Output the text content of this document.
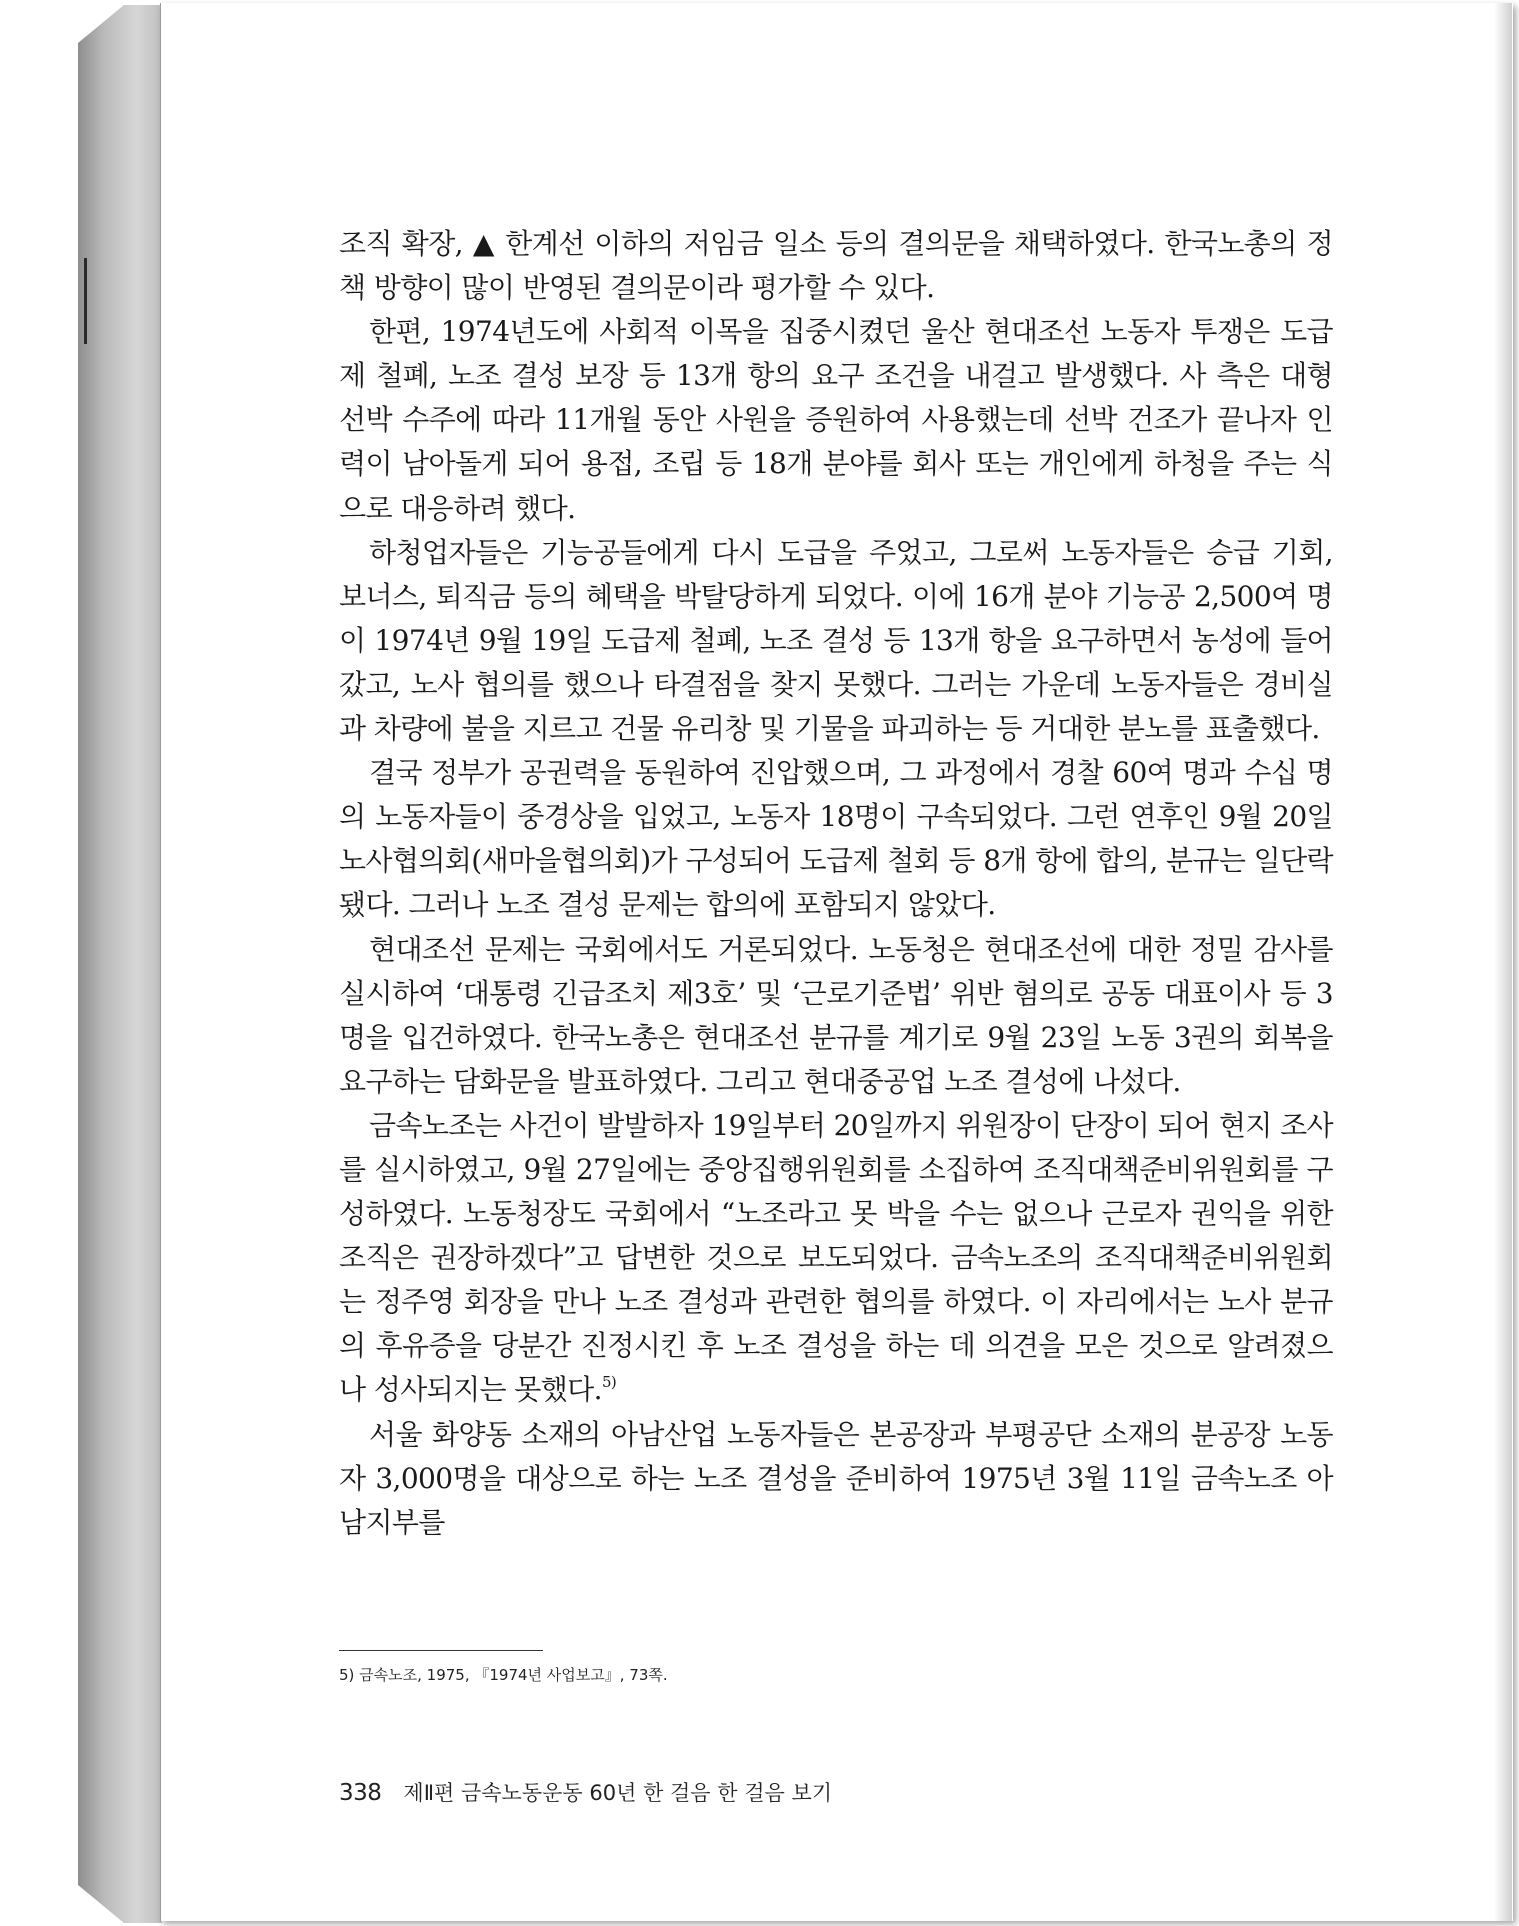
조직 확장, ▲ 한계선 이하의 저임금 일소 등의 결의문을 채택하였다. 한국노총의 정책 방향이 많이 반영된 결의문이라 평가할 수 있다.

한편, 1974년도에 사회적 이목을 집중시켰던 울산 현대조선 노동자 투쟁은 도급제 철폐, 노조 결성 보장 등 13개 항의 요구 조건을 내걸고 발생했다. 사 측은 대형 선박 수주에 따라 11개월 동안 사원을 증원하여 사용했는데 선박 건조가 끝나자 인력이 남아돌게 되어 용접, 조립 등 18개 분야를 회사 또는 개인에게 하청을 주는 식으로 대응하려 했다.

하청업자들은 기능공들에게 다시 도급을 주었고, 그로써 노동자들은 승급 기회, 보너스, 퇴직금 등의 혜택을 박탈당하게 되었다. 이에 16개 분야 기능공 2,500여 명이 1974년 9월 19일 도급제 철폐, 노조 결성 등 13개 항을 요구하면서 농성에 들어갔고, 노사 협의를 했으나 타결점을 찾지 못했다. 그러는 가운데 노동자들은 경비실과 차량에 불을 지르고 건물 유리창 및 기물을 파괴하는 등 거대한 분노를 표출했다.

결국 정부가 공권력을 동원하여 진압했으며, 그 과정에서 경찰 60여 명과 수십 명의 노동자들이 중경상을 입었고, 노동자 18명이 구속되었다. 그런 연후인 9월 20일 노사협의회(새마을협의회)가 구성되어 도급제 철회 등 8개 항에 합의, 분규는 일단락됐다. 그러나 노조 결성 문제는 합의에 포함되지 않았다.

현대조선 문제는 국회에서도 거론되었다. 노동청은 현대조선에 대한 정밀 감사를 실시하여 ‘대통령 긴급조치 제3호’ 및 ‘근로기준법’ 위반 혐의로 공동 대표이사 등 3명을 입건하였다. 한국노총은 현대조선 분규를 계기로 9월 23일 노동 3권의 회복을 요구하는 담화문을 발표하였다. 그리고 현대중공업 노조 결성에 나섰다.

금속노조는 사건이 발발하자 19일부터 20일까지 위원장이 단장이 되어 현지 조사를 실시하였고, 9월 27일에는 중앙집행위원회를 소집하여 조직대책준비위원회를 구성하였다. 노동청장도 국회에서 “노조라고 못 박을 수는 없으나 근로자 권익을 위한 조직은 권장하겠다”고 답변한 것으로 보도되었다. 금속노조의 조직대책준비위원회는 정주영 회장을 만나 노조 결성과 관련한 협의를 하였다. 이 자리에서는 노사 분규의 후유증을 당분간 진정시킨 후 노조 결성을 하는 데 의견을 모은 것으로 알려졌으나 성사되지는 못했다.$^{5)}$

서울 화양동 소재의 아남산업 노동자들은 본공장과 부평공단 소재의 분공장 노동자 3,000명을 대상으로 하는 노조 결성을 준비하여 1975년 3월 11일 금속노조 아남지부를

5) 금속노조, 1975, 『1974년 사업보고』, 73쪽.
338 제Ⅱ편 금속노동운동 60년 한 걸음 한 걸음 보기
